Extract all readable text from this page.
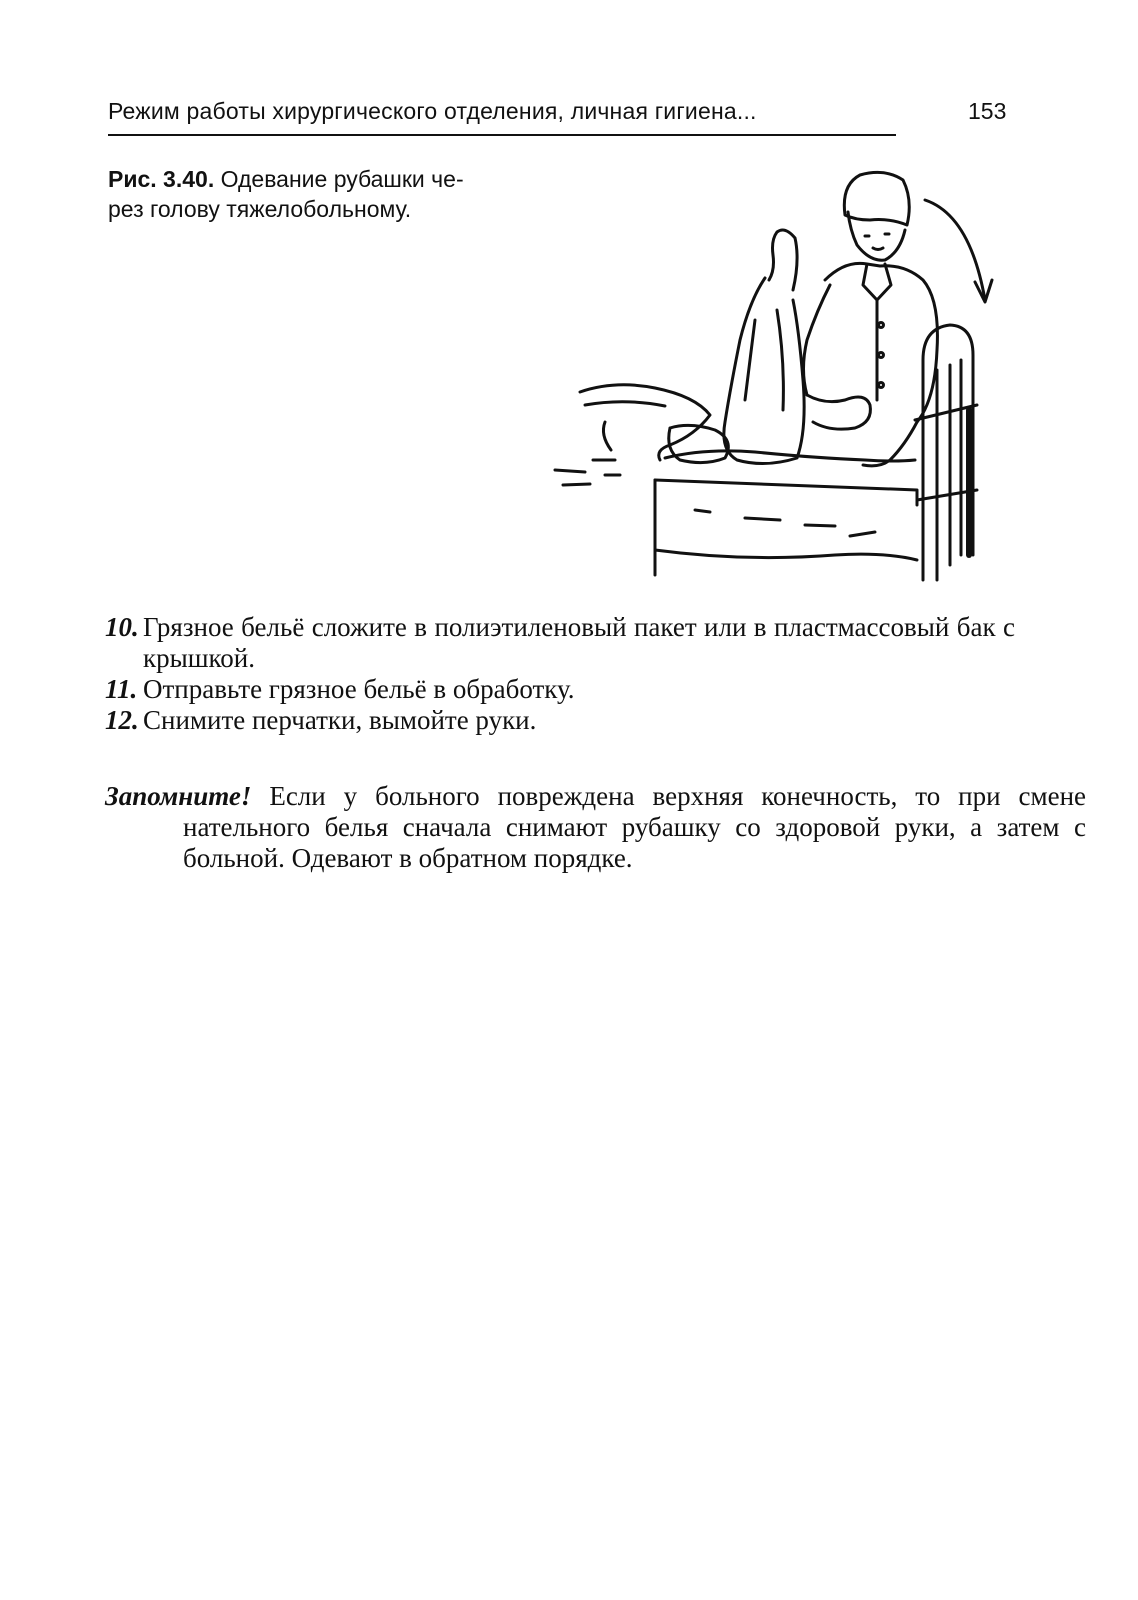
Режим работы хирургического отделения, личная гигиена...	153
Рис. 3.40. Одевание рубашки че-
рез голову тяжелобольному.

10. Грязное бельё сложите в полиэтиленовый пакет или в пластмассовый бак с крышкой.

11. Отправьте грязное бельё в обработку.

12. Снимите перчатки, вымойте руки.

Запомните! Если у больного повреждена верхняя конечность, то при смене нательного белья сначала снимают рубашку со здоровой руки, а затем с больной. Одевают в обратном порядке.
